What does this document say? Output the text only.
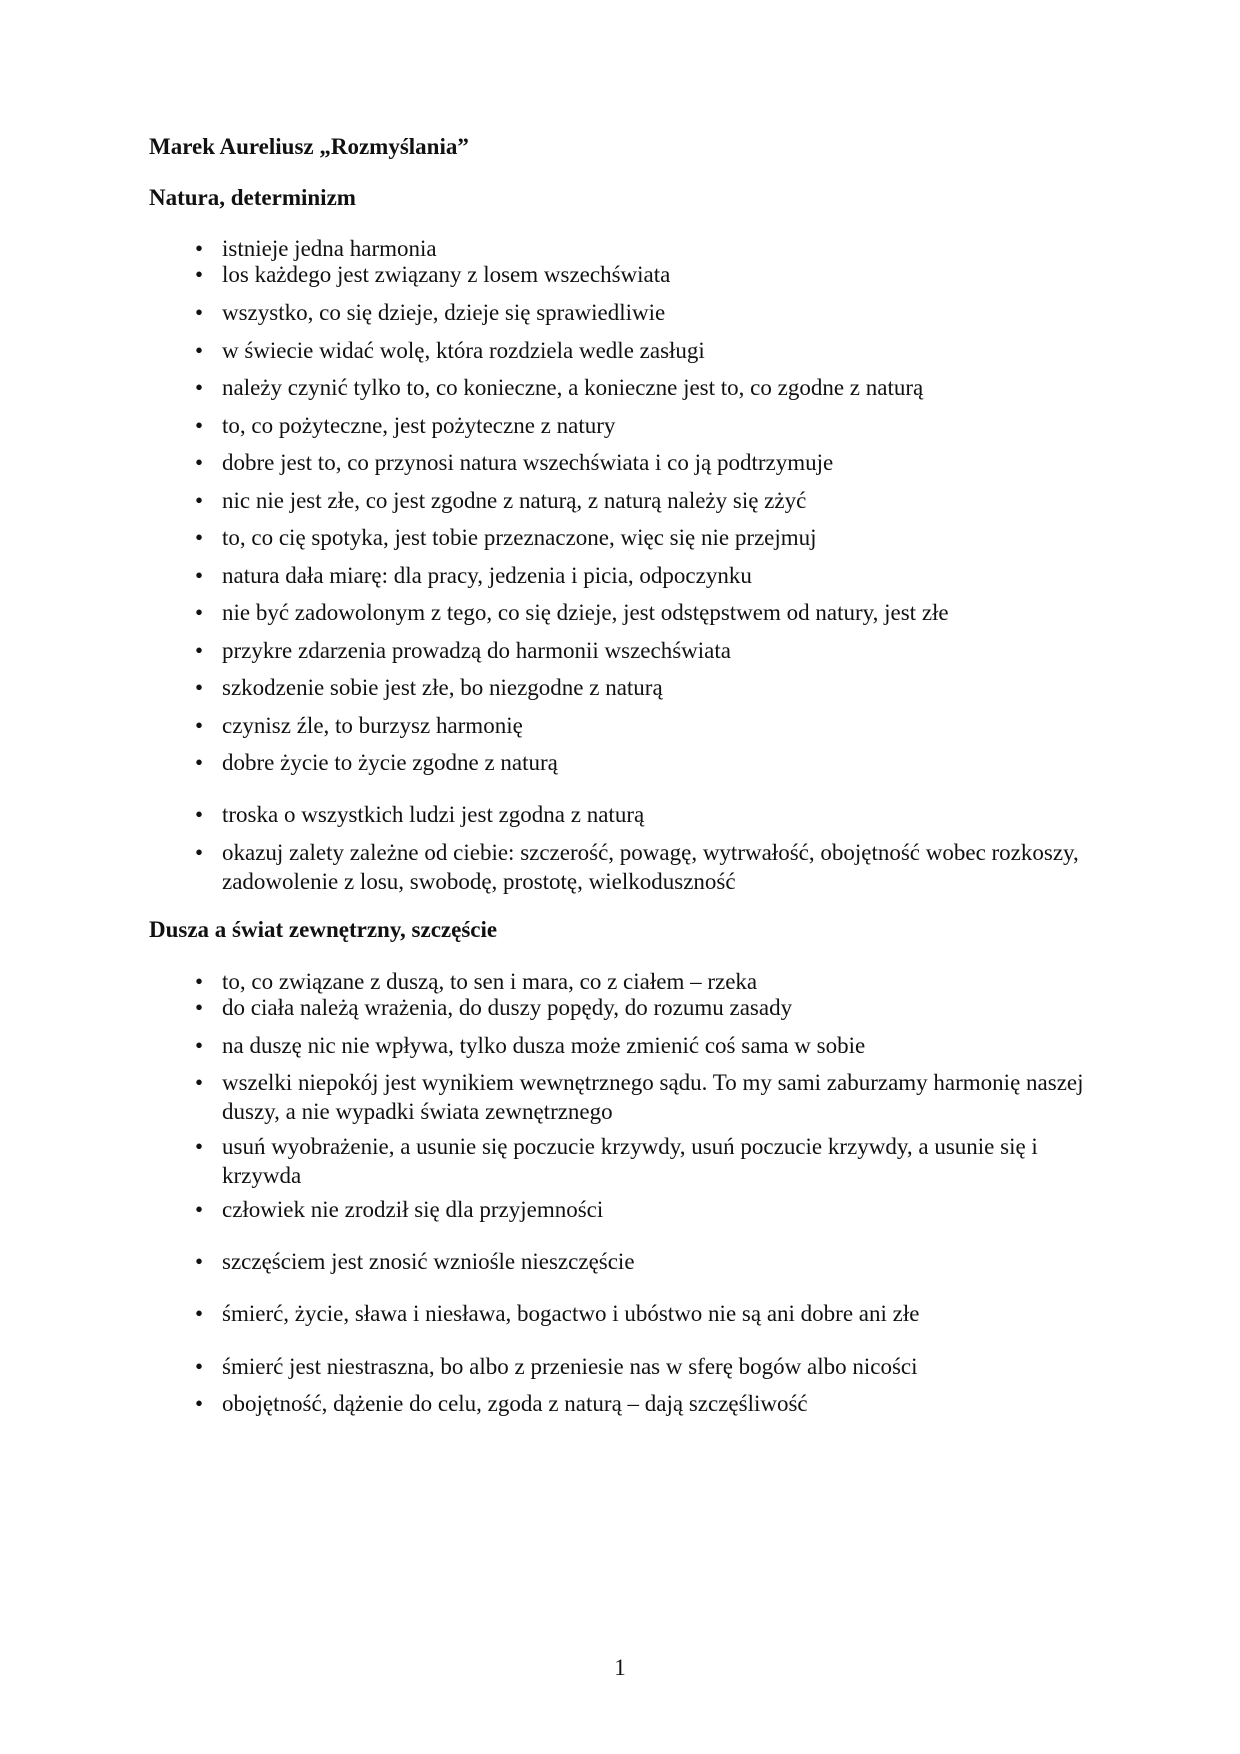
Marek Aureliusz „Rozmyślania”
Natura, determinizm
• istnieje jedna harmonia
• los każdego jest związany z losem wszechświata
• wszystko, co się dzieje, dzieje się sprawiedliwie
• w świecie widać wolę, która rozdziela wedle zasługi
• należy czynić tylko to, co konieczne, a konieczne jest to, co zgodne z naturą
• to, co pożyteczne, jest pożyteczne z natury
• dobre jest to, co przynosi natura wszechświata i co ją podtrzymuje
• nic nie jest złe, co jest zgodne z naturą, z naturą należy się zżyć
• to, co cię spotyka, jest tobie przeznaczone, więc się nie przejmuj
• natura dała miarę: dla pracy, jedzenia i picia, odpoczynku
• nie być zadowolonym z tego, co się dzieje, jest odstępstwem od natury, jest złe
• przykre zdarzenia prowadzą do harmonii wszechświata
• szkodzenie sobie jest złe, bo niezgodne z naturą
• czynisz źle, to burzysz harmonię
• dobre życie to życie zgodne z naturą
• troska o wszystkich ludzi jest zgodna z naturą
• okazuj zalety zależne od ciebie: szczerość, powagę, wytrwałość, obojętność wobec rozkoszy, zadowolenie z losu, swobodę, prostotę, wielkoduszność
Dusza a świat zewnętrzny, szczęście
• to, co związane z duszą, to sen i mara, co z ciałem – rzeka
• do ciała należą wrażenia, do duszy popędy, do rozumu zasady
• na duszę nic nie wpływa, tylko dusza może zmienić coś sama w sobie
• wszelki niepokój jest wynikiem wewnętrznego sądu. To my sami zaburzamy harmonię naszej duszy, a nie wypadki świata zewnętrznego
• usuń wyobrażenie, a usunie się poczucie krzywdy, usuń poczucie krzywdy, a usunie się i krzywda
• człowiek nie zrodził się dla przyjemności
• szczęściem jest znosić wzniośle nieszczęście
• śmierć, życie, sława i niesława, bogactwo i ubóstwo nie są ani dobre ani złe
• śmierć jest niestraszna, bo albo z przeniesie nas w sferę bogów albo nicości
• obojętność, dążenie do celu, zgoda z naturą – dają szczęśliwość
1
